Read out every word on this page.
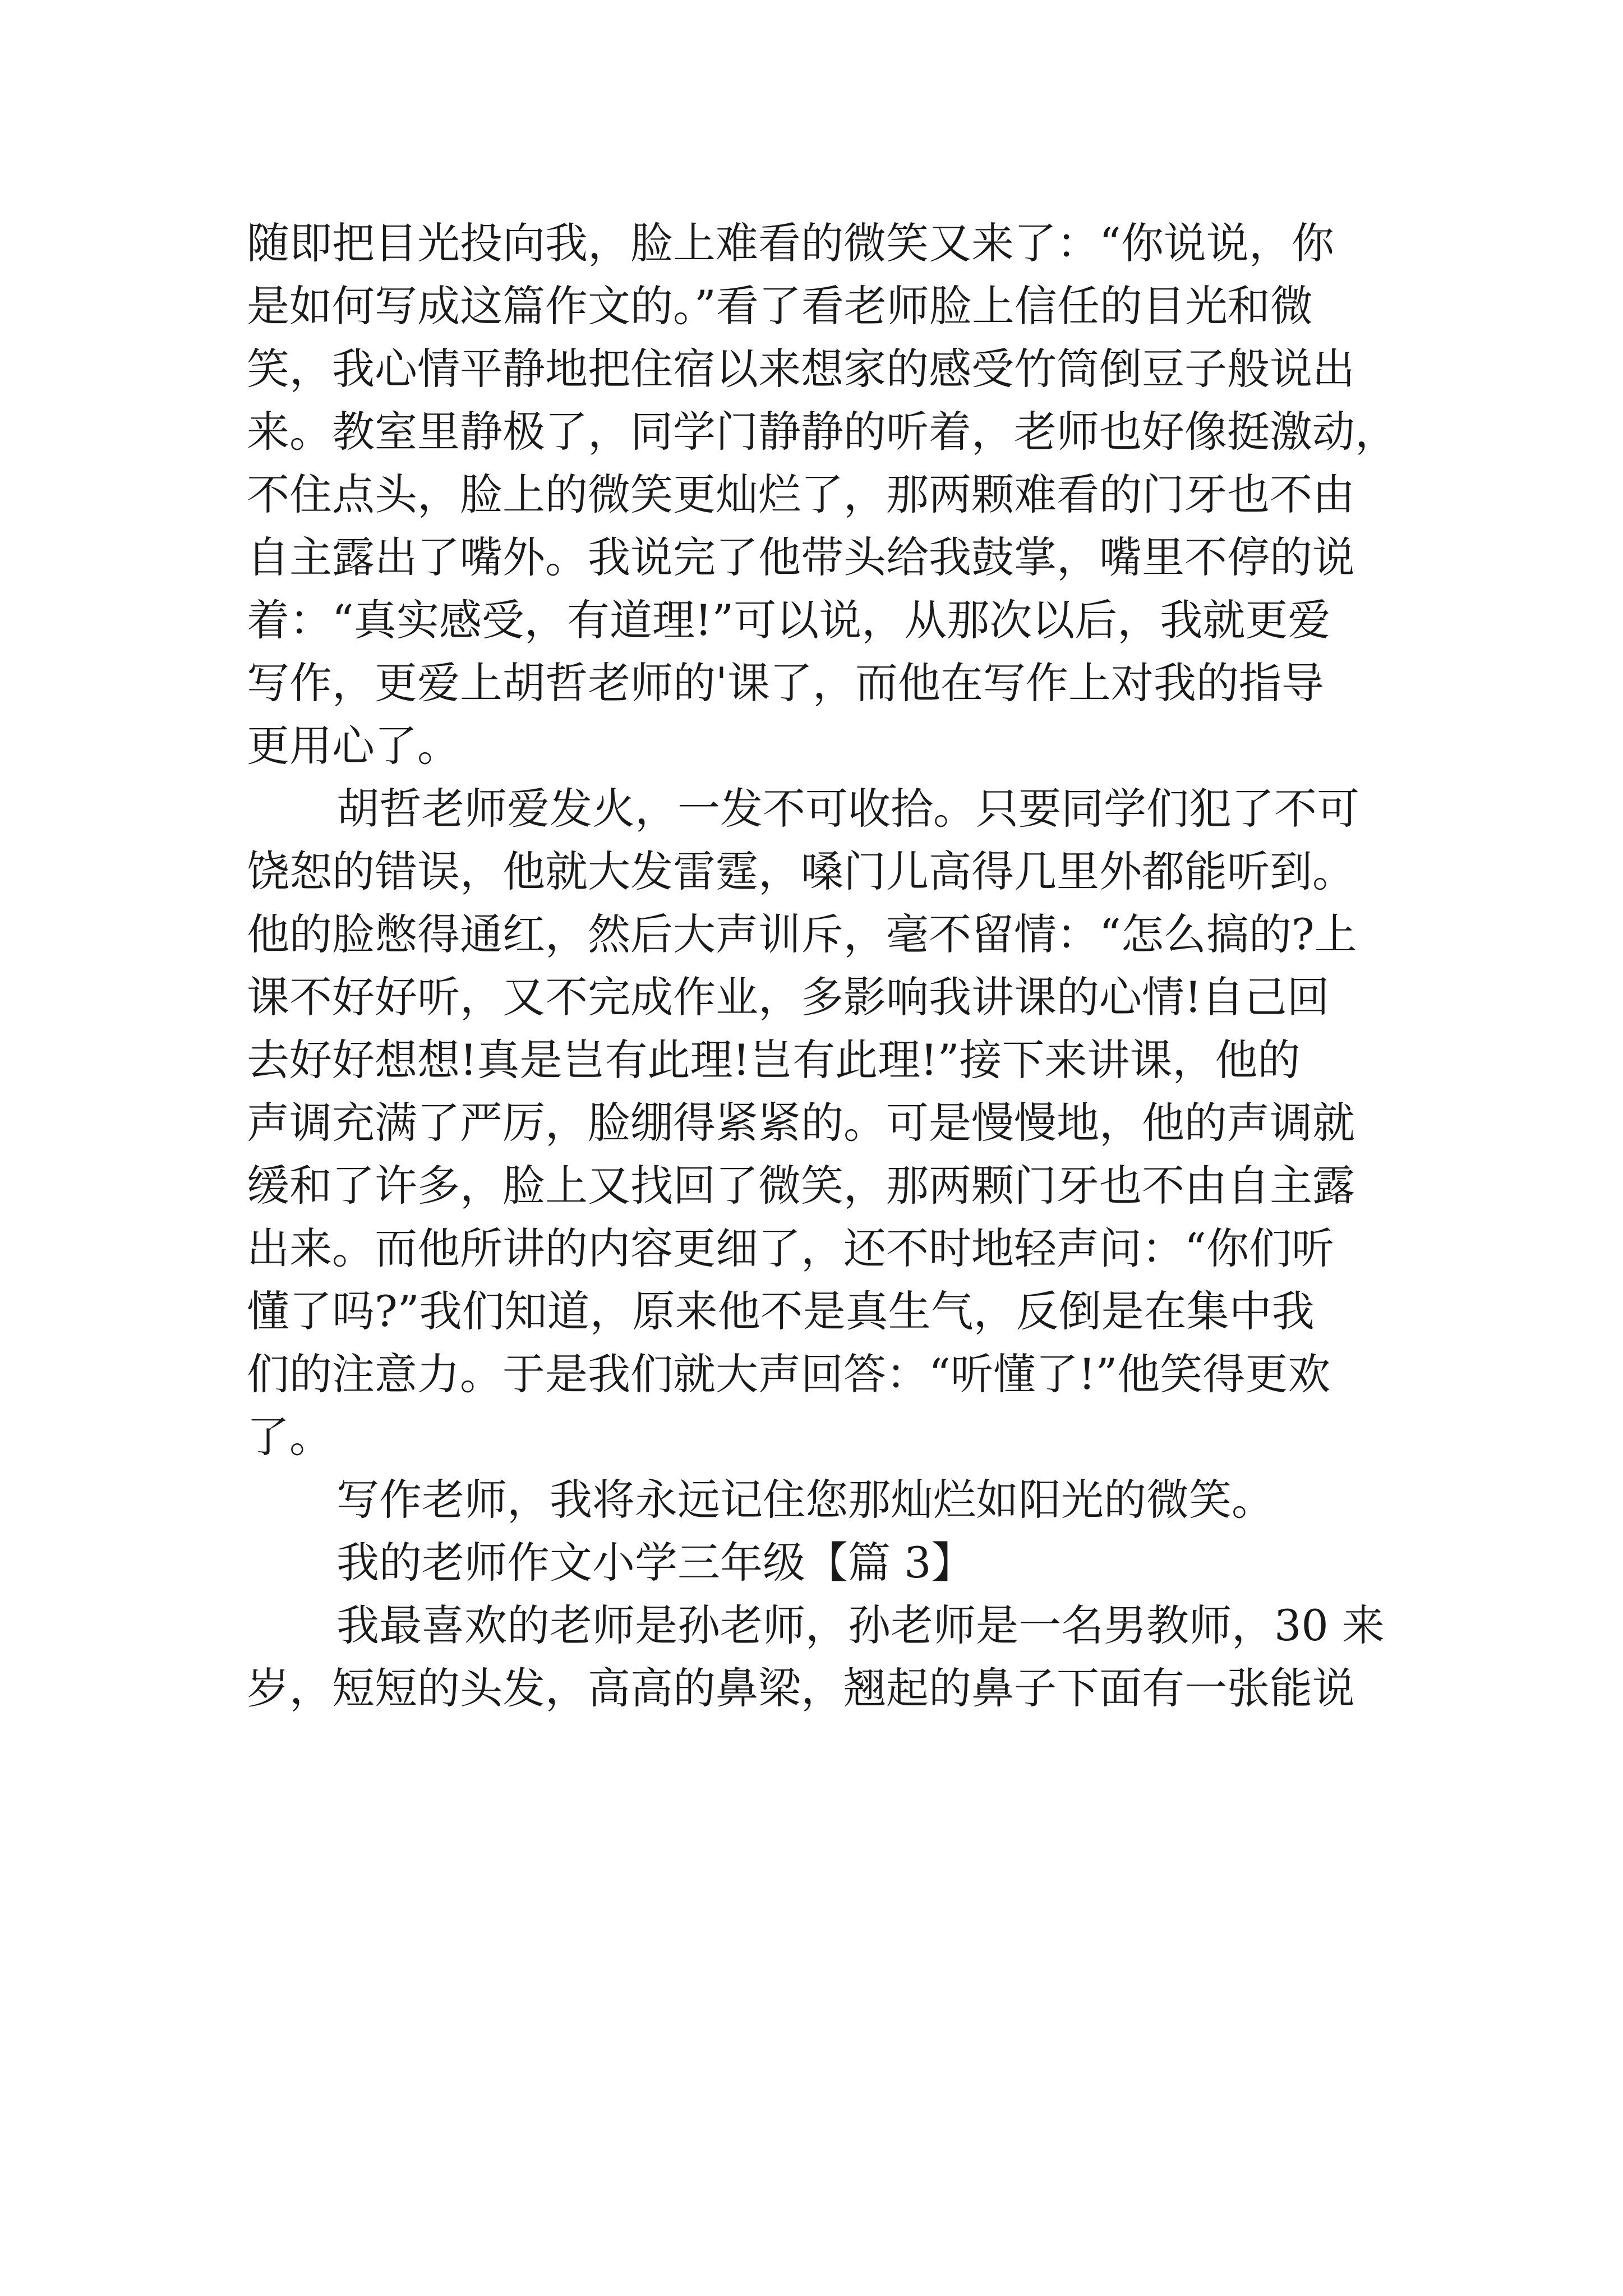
随即把目光投向我，脸上难看的微笑又来了：“你说说，你

是如何写成这篇作文的。”看了看老师脸上信任的目光和微

笑，我心情平静地把住宿以来想家的感受竹筒倒豆子般说出

来。教室里静极了，同学门静静的听着，老师也好像挺激动，

不住点头，脸上的微笑更灿烂了，那两颗难看的门牙也不由

自主露出了嘴外。我说完了他带头给我鼓掌，嘴里不停的说

着：“真实感受，有道理!”可以说，从那次以后，我就更爱

写作，更爱上胡哲老师的'课了，而他在写作上对我的指导

更用心了。

胡哲老师爱发火，一发不可收拾。只要同学们犯了不可

饶恕的错误，他就大发雷霆，嗓门儿高得几里外都能听到。

他的脸憋得通红，然后大声训斥，毫不留情：“怎么搞的?上

课不好好听，又不完成作业，多影响我讲课的心情!自己回

去好好想想!真是岂有此理!岂有此理!”接下来讲课，他的

声调充满了严厉，脸绷得紧紧的。可是慢慢地，他的声调就

缓和了许多，脸上又找回了微笑，那两颗门牙也不由自主露

出来。而他所讲的内容更细了，还不时地轻声问：“你们听

懂了吗?”我们知道，原来他不是真生气，反倒是在集中我

们的注意力。于是我们就大声回答：“听懂了!”他笑得更欢

了。

写作老师，我将永远记住您那灿烂如阳光的微笑。

我的老师作文小学三年级【篇 3】

我最喜欢的老师是孙老师，孙老师是一名男教师，30 来

岁，短短的头发，高高的鼻梁，翘起的鼻子下面有一张能说
